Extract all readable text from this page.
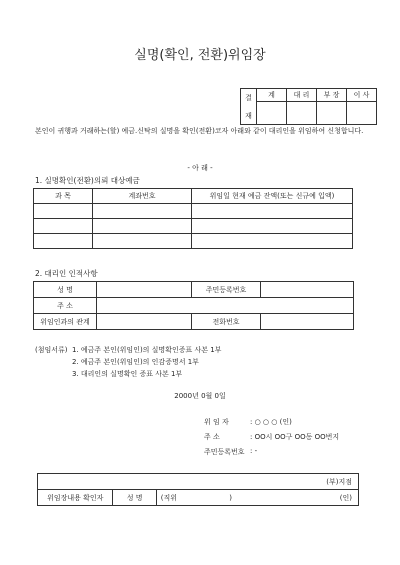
실명(확인, 전환)위임장
결
재	계	대 리	부 장	이 사

본인이 귀행과 거래하는(할) 예금.신탁의 실명을 확인(전환)코자 아래와 같이 대리인을 위임하여 신청합니다.
- 아 래 -
1. 실명확인(전환)의뢰 대상예금
과 목	계좌번호	위임일 현재 예금 잔액(또는 신규예 입액)

2. 대리인 인적사항
성 명		주민등록번호	
주 소			
위임인과의 관계		전화번호	
(첨임서류) 1. 예금주 본인(위임인)의 실명확인증표 사본 1부
2. 예금주 본인(위임인)의 인감증명서 1부
3. 대리인의 실명확인 증표 사본 1부
2000년 0월 0일
위 임 자	: ○ ○ ○ (인)
주 소	: OO시 OO구 OO동 OO번지
주민등록번호 : -
(부)지점
위임장내용 확인자	성 명	(직위	)	(인)
